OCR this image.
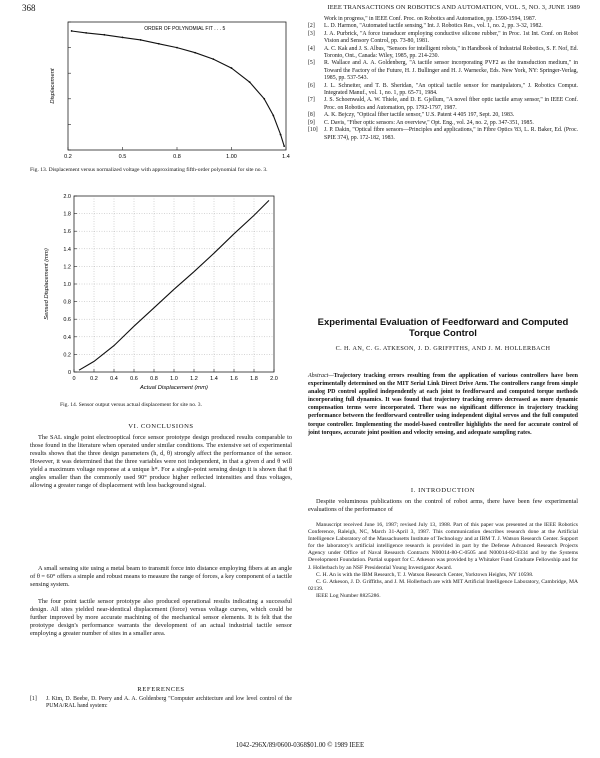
368	IEEE TRANSACTIONS ON ROBOTICS AND AUTOMATION, VOL. 5, NO. 3, JUNE 1989
0.2	0.5	0.8	1.00	1.4
Displacement
ORDER OF POLYNOMIAL FIT . . . 5
Fig. 13. Displacement versus normalized voltage with approximating fifth-order polynomial for site no. 3.
0	0.2 0.4 0.6 0.8 1.0 1.2 1.4 1.6 1.8 2.0
0
0.2
0.4
0.6
0.8
1.0
1.2
1.4
1.6
1.8
2.0
Actual Displacement (mm)
Sensed Displacement (mm)
Fig. 14. Sensor output versus actual displacement for site no. 3.
VI. CONCLUSIONS
The SAL single point electrooptical force sensor prototype design produced results comparable to those found in the literature when operated under similar conditions. The extensive set of experimental results shows that the three design parameters (h, d, θ) strongly affect the performance of the sensor. However, it was determined that the three variables were not independent, in that a given d and θ will yield a maximum voltage response at a unique h*. For a single-point sensing design it is shown that θ angles smaller than the commonly used 90° produce higher reflected intensities and thus voltages, allowing a greater range of displacement with less background signal.
A small sensing site using a metal beam to transmit force into distance employing fibers at an angle of θ = 60° offers a simple and robust means to measure the range of forces, a key component of a tactile sensing system.
The four point tactile sensor prototype also produced operational results indicating a successful design. All sites yielded near-identical displacement (force) versus voltage curves, which could be further improved by more accurate machining of the mechanical sensor elements. It is felt that the prototype design's performance warrants the development of an actual industrial tactile sensor employing a greater number of sites in a smaller area.
REFERENCES
[1] J. Kim, D. Beebe, D. Peery and A. A. Goldenberg "Computer architecture and low level control of the PUMA/RAL hand system:
Work in progress," in IEEE Conf. Proc. on Robotics and Automation, pp. 1590-1594, 1987.
[2] L. D. Harmon, "Automated tactile sensing," Int. J. Robotics Res., vol. 1, no. 2, pp. 3-32, 1982.
[3] J. A. Purbrick, "A force transducer employing conductive silicone rubber," in Proc. 1st Int. Conf. on Robot Vision and Sensory Control, pp. 73-80, 1981.
[4] A. C. Kak and J. S. Albus, "Sensors for intelligent robots," in Handbook of Industrial Robotics, S. F. Nof, Ed. Toronto, Ont., Canada: Wiley, 1985, pp. 214-230.
[5] R. Wallace and A. A. Goldenberg, "A tactile sensor incorporating PVF2 as the transduction medium," in Toward the Factory of the Future, H. J. Bullinger and H. J. Warnecke, Eds. New York, NY: Springer-Verlag, 1985, pp. 537-543.
[6] J. L. Schneiter, and T. B. Sheridan, "An optical tactile sensor for manipulators," J. Robotics Comput. Integrated Manuf., vol. 1, no. 1, pp. 65-71, 1984.
[7] J. S. Schoenwald, A. W. Thiele, and D. E. Gjellum, "A novel fiber optic tactile array sensor," in IEEE Conf. Proc. on Robotics and Automation, pp. 1792-1797, 1987.
[8] A. K. Bejczy, "Optical fiber tactile sensor," U.S. Patent 4 405 197, Sept. 20, 1983.
[9] C. Davis, "Fiber optic sensors: An overview," Opt. Eng., vol. 24, no. 2, pp. 347-351, 1985.
[10] J. P. Dakin, "Optical fibre sensors—Principles and applications," in Fibre Optics '83, L. R. Baker, Ed. (Proc. SPIE 374), pp. 172-182, 1983.
Experimental Evaluation of Feedforward and Computed Torque Control
C. H. AN, C. G. ATKESON, J. D. GRIFFITHS, AND J. M. HOLLERBACH
Abstract—Trajectory tracking errors resulting from the application of various controllers have been experimentally determined on the MIT Serial Link Direct Drive Arm. The controllers range from simple analog PD control applied independently at each joint to feedforward and computed torque methods incorporating full dynamics. It was found that trajectory tracking errors decreased as more dynamic compensation terms were incorporated. There was no significant difference in trajectory tracking performance between the feedforward controller using independent digital servos and the full computed torque controller. Implementing the model-based controller highlights the need for accurate control of joint torques, accurate joint position and velocity sensing, and adequate sampling rates.
I. INTRODUCTION
Despite voluminous publications on the control of robot arms, there have been few experimental evaluations of the performance of

Manuscript received June 16, 1987; revised July 13, 1988. Part of this paper was presented at the IEEE Robotics Conference, Raleigh, NC, March 31-April 3, 1987. This communication describes research done at the Artificial Intelligence Laboratory of the Massachusetts Institute of Technology and at IBM T. J. Watson Research Center. Support for the laboratory's artificial intelligence research is provided in part by the Defense Advanced Research Projects Agency under Office of Naval Research Contracts N00014-80-C-0505 and N00014-82-0334 and by the Systems Development Foundation. Partial support for C. Atkeson was provided by a Whitaker Fund Graduate Fellowship and for J. Hollerbach by an NSF Presidential Young Investigator Award.

C. H. An is with the IBM Research, T. J. Watson Research Center, Yorktown Heights, NY 10598.

C. G. Atkeson, J. D. Griffiths, and J. M. Hollerbach are with MIT Artificial Intelligence Laboratory, Cambridge, MA 02139.

IEEE Log Number 8825286.

1042-296X/89/0600-0368$01.00 © 1989 IEEE
